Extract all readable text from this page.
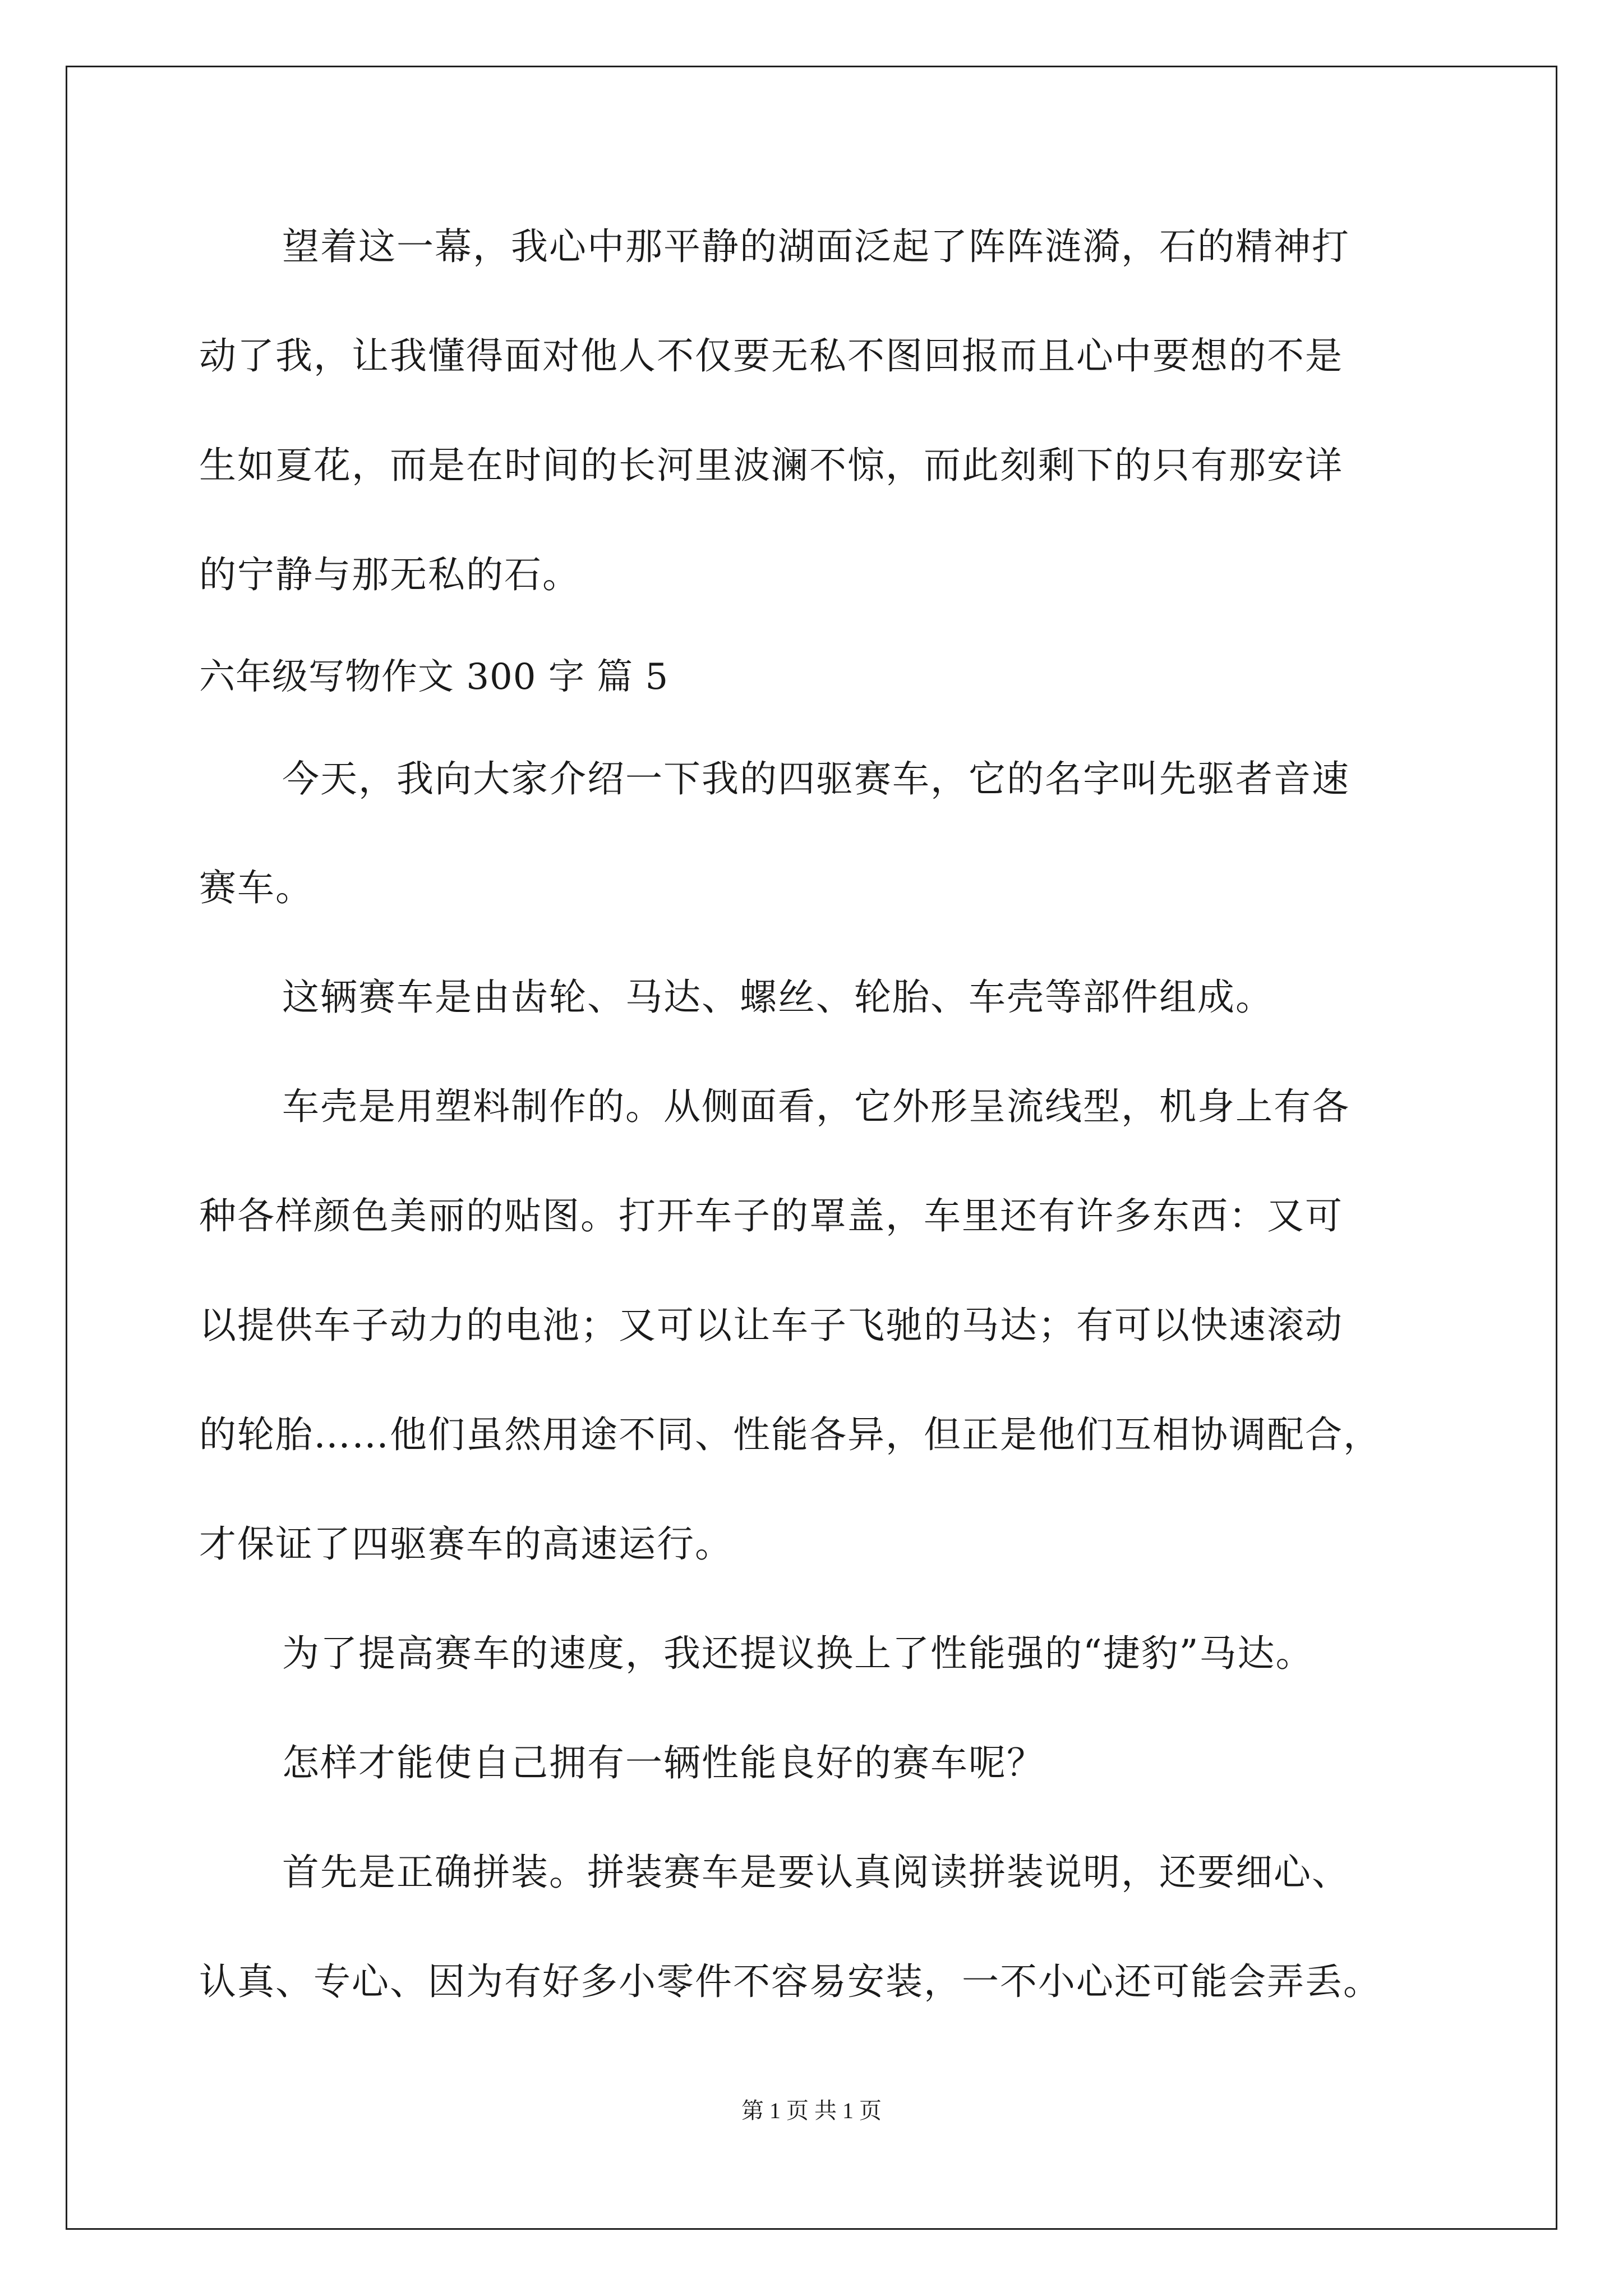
望着这一幕，我心中那平静的湖面泛起了阵阵涟漪，石的精神打
动了我，让我懂得面对他人不仅要无私不图回报而且心中要想的不是
生如夏花，而是在时间的长河里波澜不惊，而此刻剩下的只有那安详
的宁静与那无私的石。
六年级写物作文 300 字 篇 5
今天，我向大家介绍一下我的四驱赛车，它的名字叫先驱者音速
赛车。
这辆赛车是由齿轮、马达、螺丝、轮胎、车壳等部件组成。
车壳是用塑料制作的。从侧面看，它外形呈流线型，机身上有各
种各样颜色美丽的贴图。打开车子的罩盖，车里还有许多东西：又可
以提供车子动力的电池；又可以让车子飞驰的马达；有可以快速滚动
的轮胎……他们虽然用途不同、性能各异，但正是他们互相协调配合，
才保证了四驱赛车的高速运行。
为了提高赛车的速度，我还提议换上了性能强的“捷豹”马达。
怎样才能使自己拥有一辆性能良好的赛车呢？
首先是正确拼装。拼装赛车是要认真阅读拼装说明，还要细心、
认真、专心、因为有好多小零件不容易安装，一不小心还可能会弄丢。
第 1 页 共 1 页
